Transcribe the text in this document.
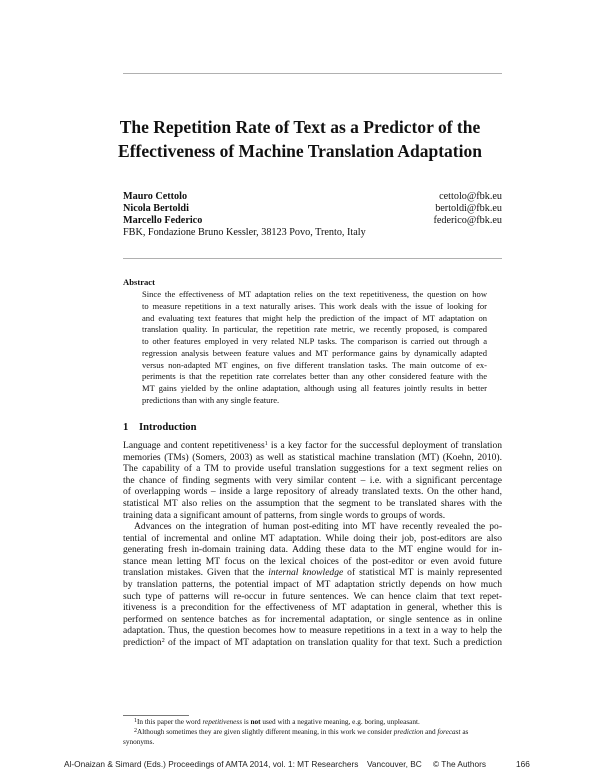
The Repetition Rate of Text as a Predictor of the
Effectiveness of Machine Translation Adaptation
Mauro Cettolo
Nicola Bertoldi
Marcello Federico
cettolo@fbk.eu
bertoldi@fbk.eu
federico@fbk.eu
FBK, Fondazione Bruno Kessler, 38123 Povo, Trento, Italy
Abstract
Since the effectiveness of MT adaptation relies on the text repetitiveness, the question on how
to measure repetitions in a text naturally arises. This work deals with the issue of looking for
and evaluating text features that might help the prediction of the impact of MT adaptation on
translation quality. In particular, the repetition rate metric, we recently proposed, is compared
to other features employed in very related NLP tasks. The comparison is carried out through a
regression analysis between feature values and MT performance gains by dynamically adapted
versus non-adapted MT engines, on five different translation tasks. The main outcome of ex-
periments is that the repetition rate correlates better than any other considered feature with the
MT gains yielded by the online adaptation, although using all features jointly results in better
predictions than with any single feature.
1 Introduction
Language and content repetitiveness$^1$ is a key factor for the successful deployment of translation
memories (TMs) (Somers, 2003) as well as statistical machine translation (MT) (Koehn, 2010).
The capability of a TM to provide useful translation suggestions for a text segment relies on
the chance of finding segments with very similar content – i.e. with a significant percentage
of overlapping words – inside a large repository of already translated texts. On the other hand,
statistical MT also relies on the assumption that the segment to be translated shares with the
training data a significant amount of patterns, from single words to groups of words.
Advances on the integration of human post-editing into MT have recently revealed the po-
tential of incremental and online MT adaptation. While doing their job, post-editors are also
generating fresh in-domain training data. Adding these data to the MT engine would for in-
stance mean letting MT focus on the lexical choices of the post-editor or even avoid future
translation mistakes. Given that the internal knowledge of statistical MT is mainly represented
by translation patterns, the potential impact of MT adaptation strictly depends on how much
such type of patterns will re-occur in future sentences. We can hence claim that text repet-
itiveness is a precondition for the effectiveness of MT adaptation in general, whether this is
performed on sentence batches as for incremental adaptation, or single sentence as in online
adaptation. Thus, the question becomes how to measure repetitions in a text in a way to help the
prediction$^2$ of the impact of MT adaptation on translation quality for that text. Such a prediction
$^1$In this paper the word repetitiveness is not used with a negative meaning, e.g. boring, unpleasant.
$^2$Although sometimes they are given slightly different meaning, in this work we consider prediction and forecast as
synonyms.
Al-Onaizan & Simard (Eds.) Proceedings of AMTA 2014, vol. 1: MT Researchers Vancouver, BC © The Authors	166
